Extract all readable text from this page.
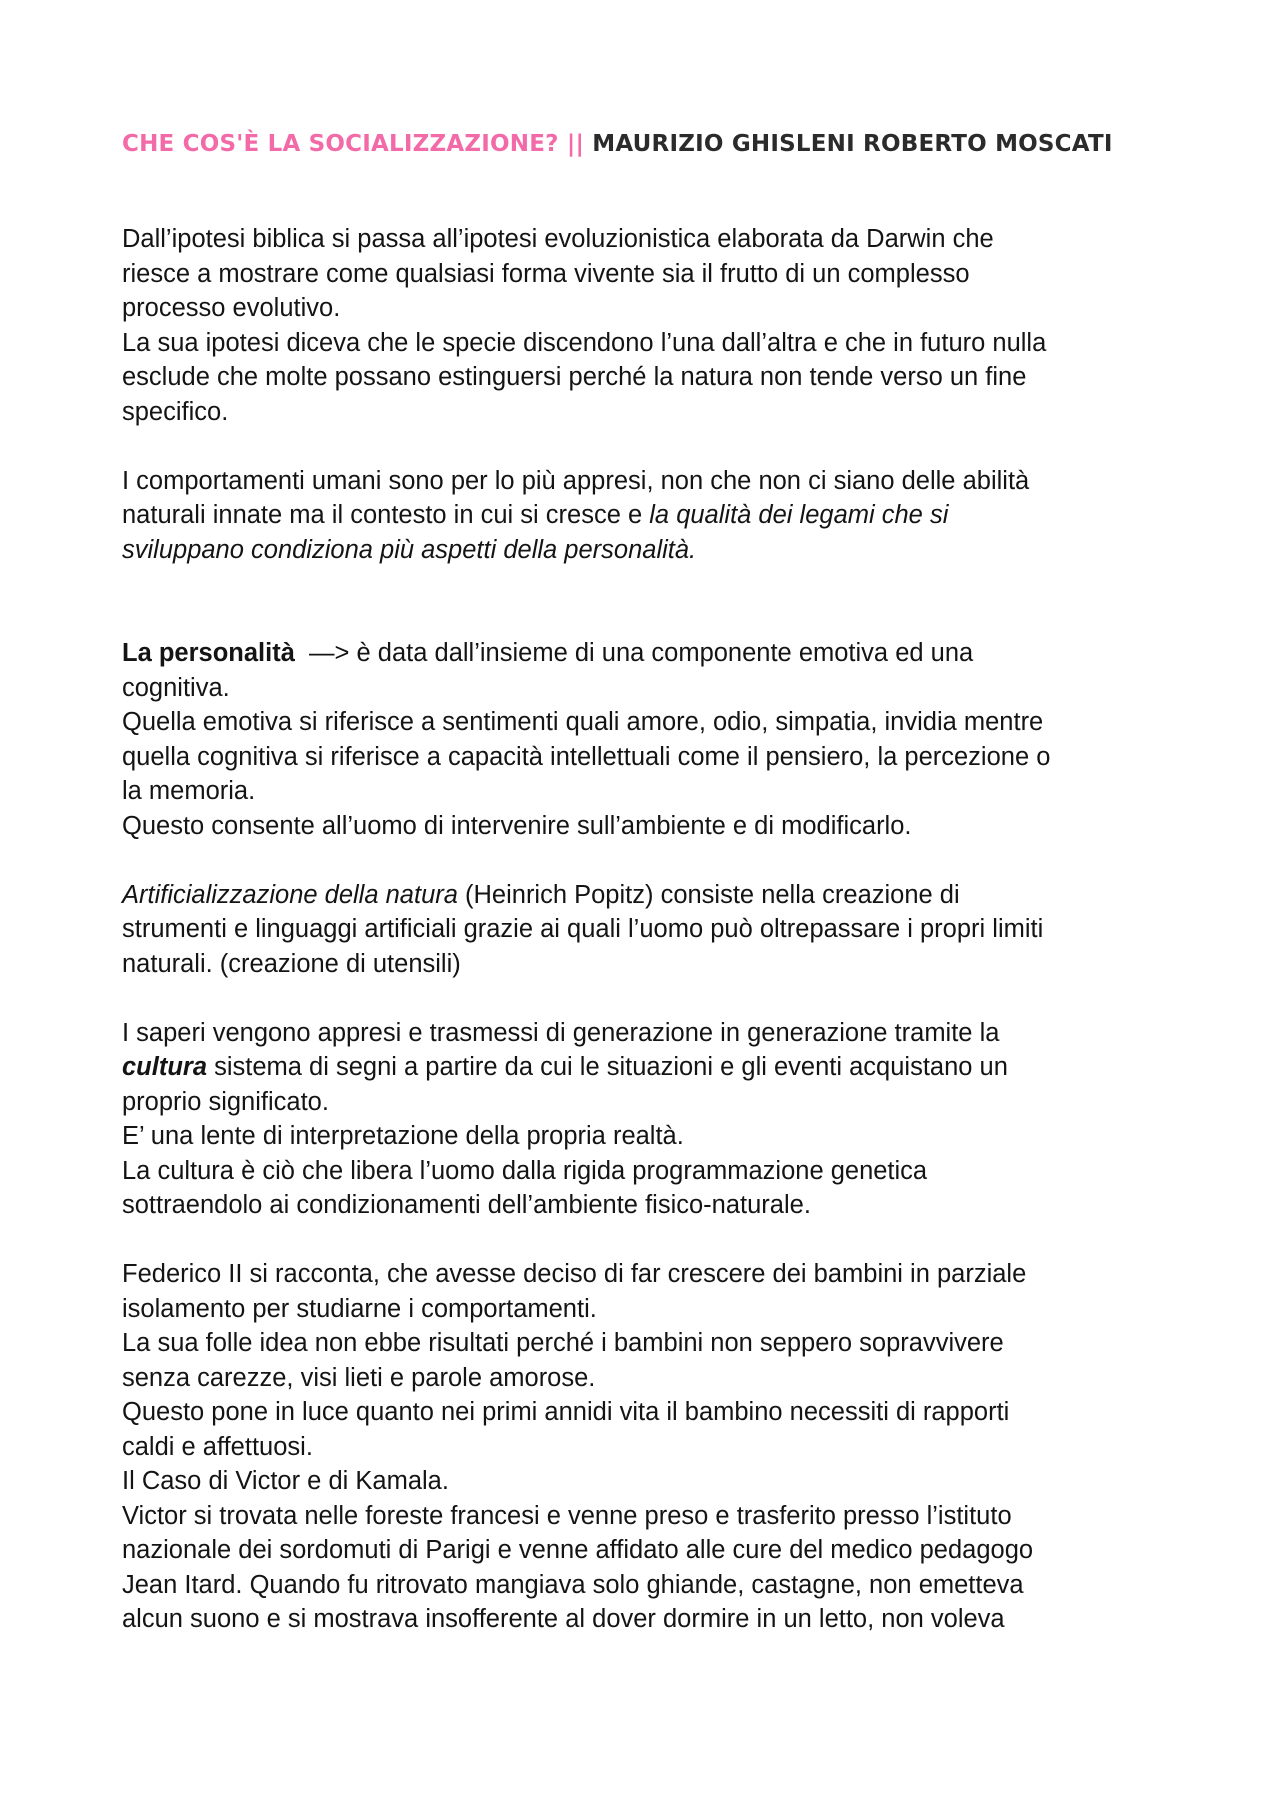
CHE COS'È LA SOCIALIZZAZIONE? || MAURIZIO GHISLENI ROBERTO MOSCATI
Dall’ipotesi biblica si passa all’ipotesi evoluzionistica elaborata da Darwin che
riesce a mostrare come qualsiasi forma vivente sia il frutto di un complesso
processo evolutivo.
La sua ipotesi diceva che le specie discendono l’una dall’altra e che in futuro nulla
esclude che molte possano estinguersi perché la natura non tende verso un fine
specifico.
I comportamenti umani sono per lo più appresi, non che non ci siano delle abilità
naturali innate ma il contesto in cui si cresce e la qualità dei legami che si
sviluppano condiziona più aspetti della personalità.
La personalità  —> è data dall’insieme di una componente emotiva ed una
cognitiva.
Quella emotiva si riferisce a sentimenti quali amore, odio, simpatia, invidia mentre
quella cognitiva si riferisce a capacità intellettuali come il pensiero, la percezione o
la memoria.
Questo consente all’uomo di intervenire sull’ambiente e di modificarlo.
Artificializzazione della natura (Heinrich Popitz) consiste nella creazione di
strumenti e linguaggi artificiali grazie ai quali l’uomo può oltrepassare i propri limiti
naturali. (creazione di utensili)
I saperi vengono appresi e trasmessi di generazione in generazione tramite la
cultura sistema di segni a partire da cui le situazioni e gli eventi acquistano un
proprio significato.
E’ una lente di interpretazione della propria realtà.
La cultura è ciò che libera l’uomo dalla rigida programmazione genetica
sottraendolo ai condizionamenti dell’ambiente fisico-naturale.
Federico II si racconta, che avesse deciso di far crescere dei bambini in parziale
isolamento per studiarne i comportamenti.
La sua folle idea non ebbe risultati perché i bambini non seppero sopravvivere
senza carezze, visi lieti e parole amorose.
Questo pone in luce quanto nei primi annidi vita il bambino necessiti di rapporti
caldi e affettuosi.
Il Caso di Victor e di Kamala.
Victor si trovata nelle foreste francesi e venne preso e trasferito presso l’istituto
nazionale dei sordomuti di Parigi e venne affidato alle cure del medico pedagogo
Jean Itard. Quando fu ritrovato mangiava solo ghiande, castagne, non emetteva
alcun suono e si mostrava insofferente al dover dormire in un letto, non voleva
